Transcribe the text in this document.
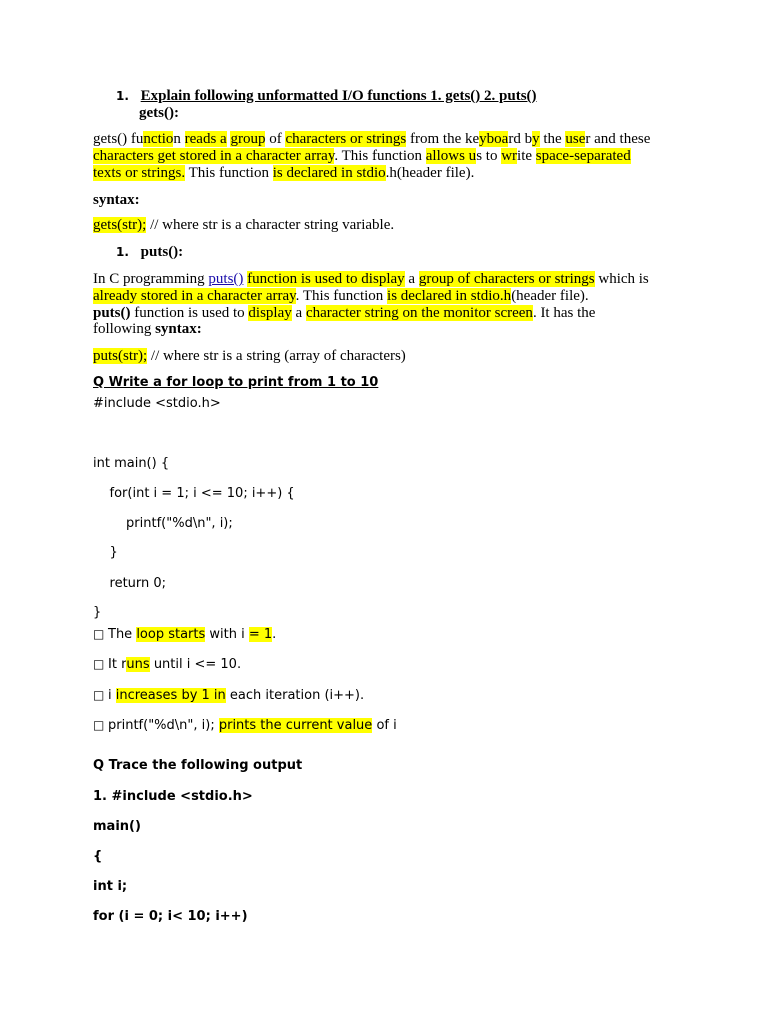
1. Explain following unformatted I/O functions 1. gets() 2. puts()
gets():
gets() function reads a group of characters or strings from the keyboard by the user and these
characters get stored in a character array. This function allows us to write space-separated
texts or strings. This function is declared in stdio.h(header file).
syntax:
gets(str); // where str is a character string variable.
1. puts():
In C programming puts() function is used to display a group of characters or strings which is
already stored in a character array. This function is declared in stdio.h(header file).
puts() function is used to display a character string on the monitor screen. It has the
following syntax:
puts(str); // where str is a string (array of characters)
Q Write a for loop to print from 1 to 10
#include <stdio.h>
int main() {
for(int i = 1; i <= 10; i++) {
printf("%d\n", i);
}
return 0;
}
□ The loop starts with i = 1.
□ It runs until i <= 10.
□ i increases by 1 in each iteration (i++).
□ printf("%d\n", i); prints the current value of i
Q Trace the following output
1. #include <stdio.h>
main()
{
int i;
for (i = 0; i< 10; i++)
